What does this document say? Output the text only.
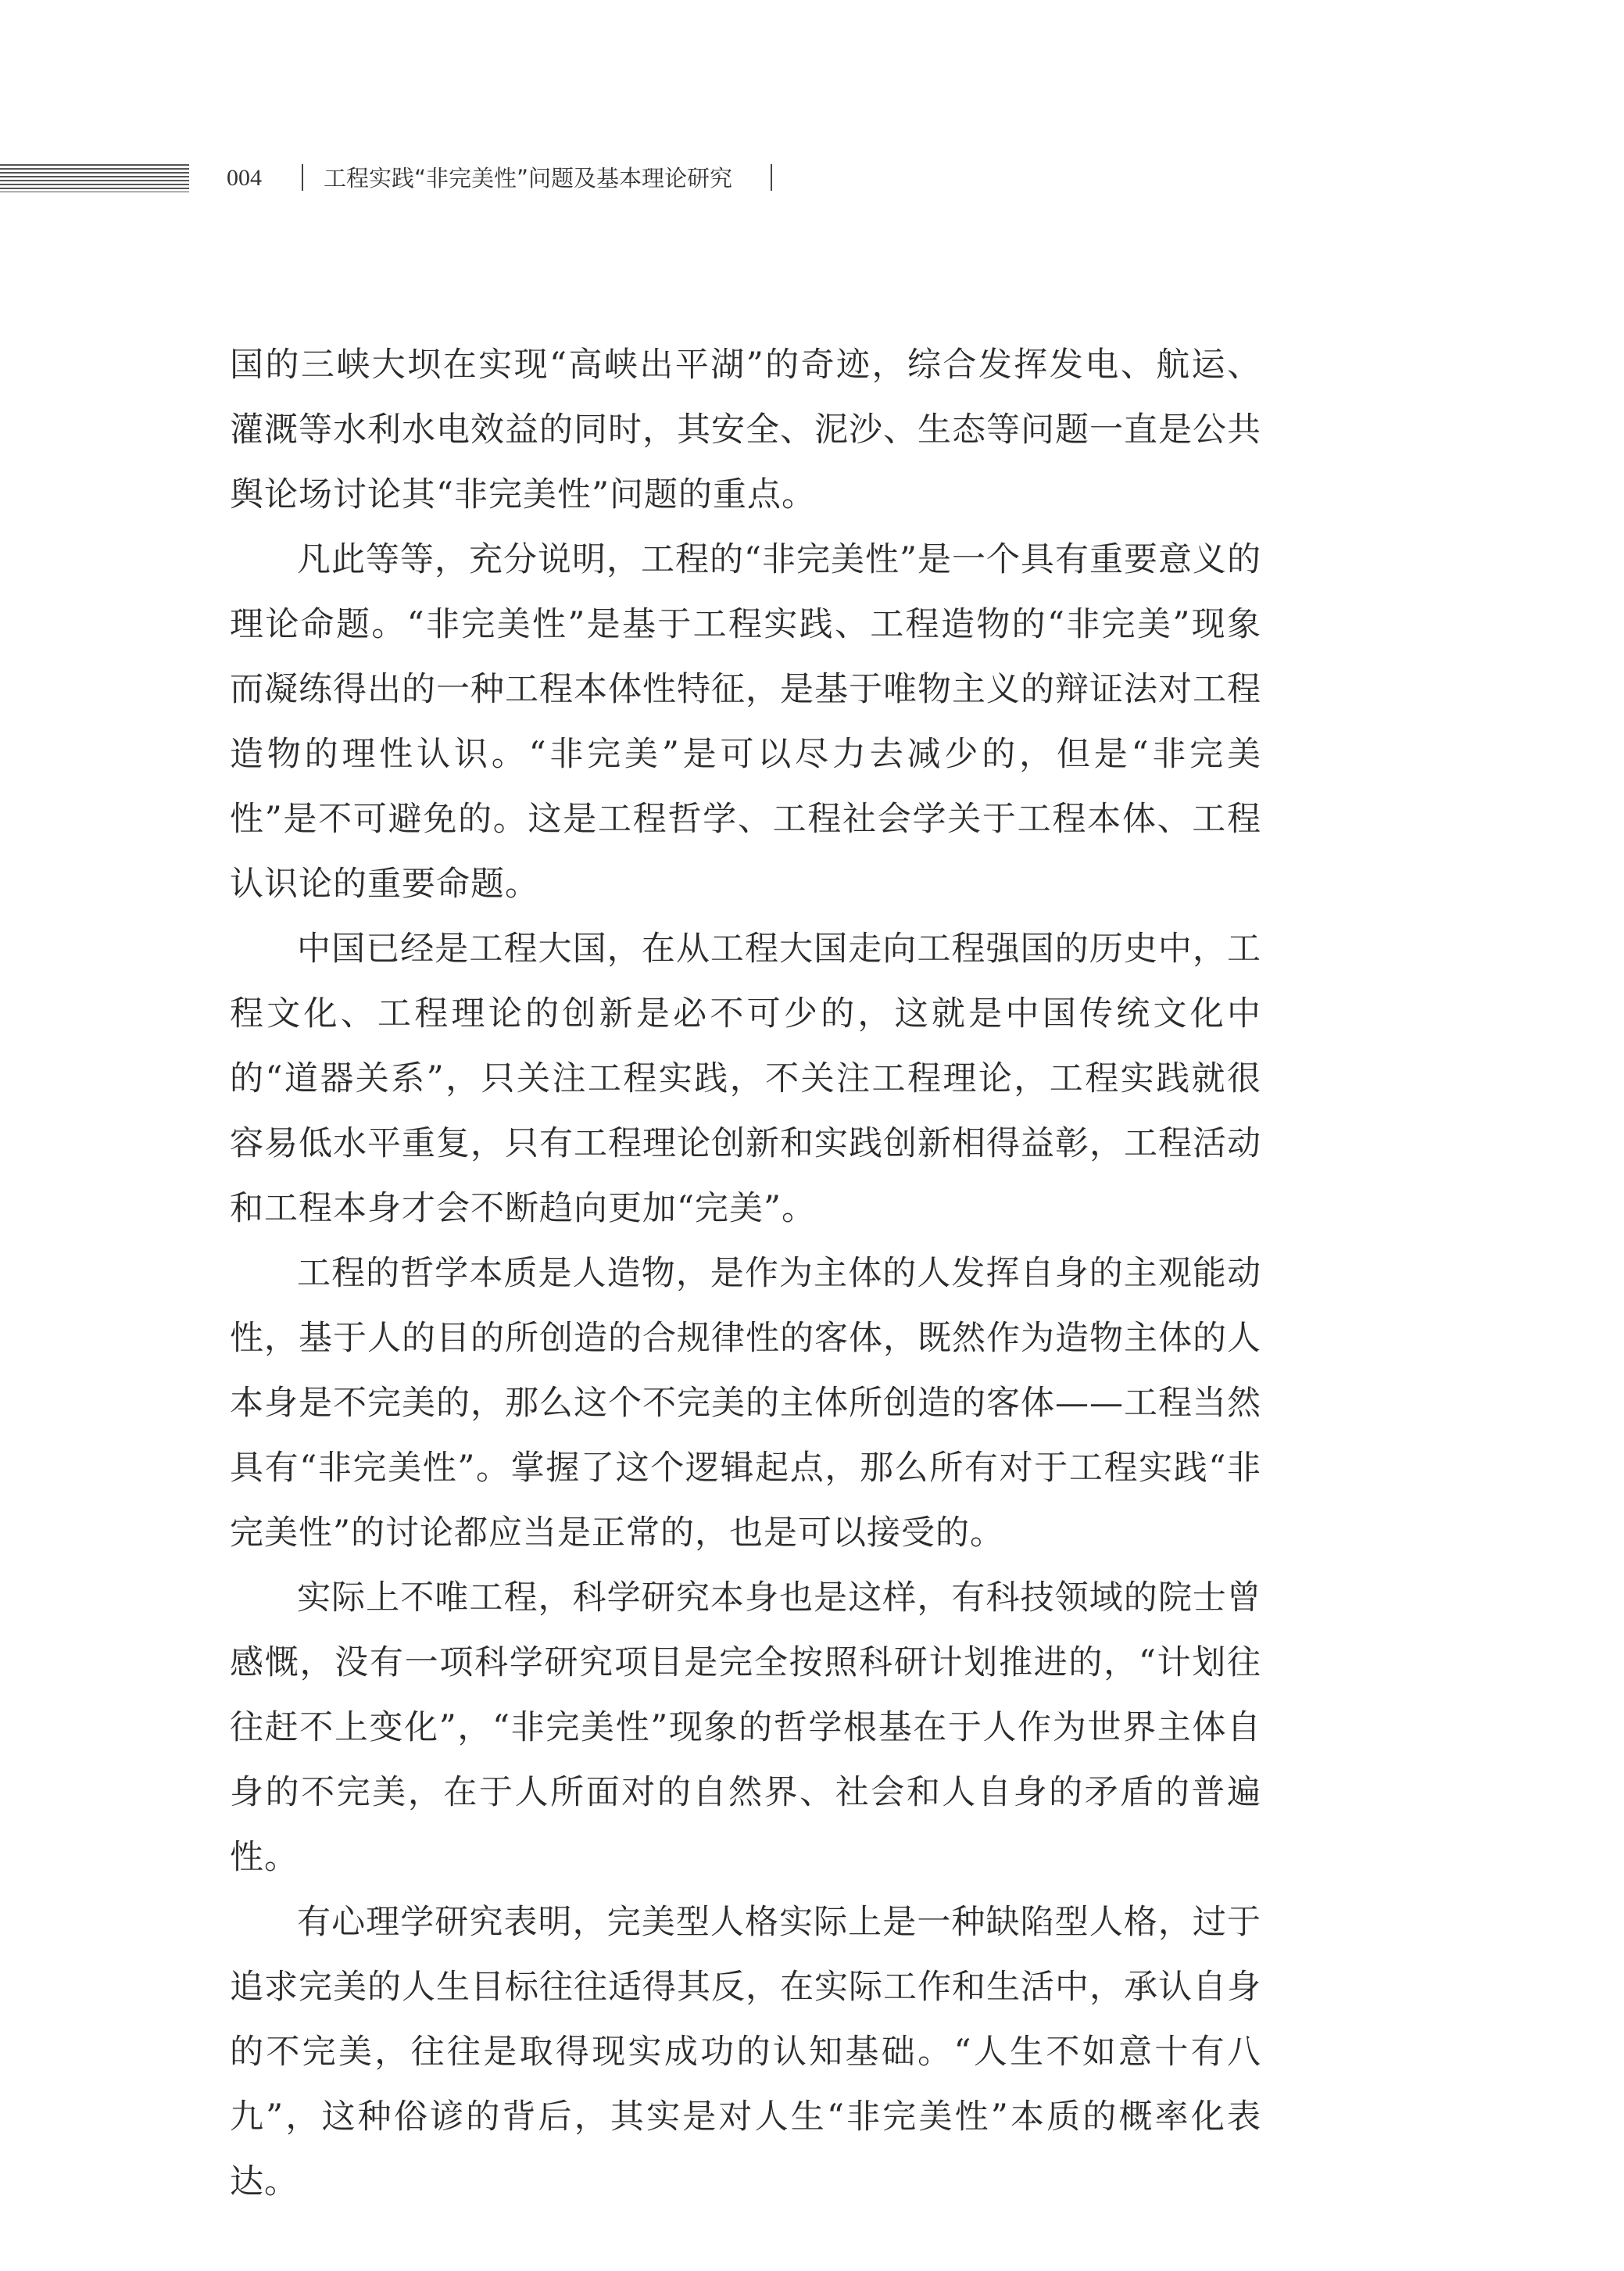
004	工程实践“非完美性”问题及基本理论研究

国的三峡大坝在实现“高峡出平湖”的奇迹，综合发挥发电、航运、灌溉等水利水电效益的同时，其安全、泥沙、生态等问题一直是公共舆论场讨论其“非完美性”问题的重点。

凡此等等，充分说明，工程的“非完美性”是一个具有重要意义的理论命题。“非完美性”是基于工程实践、工程造物的“非完美”现象而凝练得出的一种工程本体性特征，是基于唯物主义的辩证法对工程造物的理性认识。“非完美”是可以尽力去减少的，但是“非完美性”是不可避免的。这是工程哲学、工程社会学关于工程本体、工程认识论的重要命题。

中国已经是工程大国，在从工程大国走向工程强国的历史中，工程文化、工程理论的创新是必不可少的，这就是中国传统文化中的“道器关系”，只关注工程实践，不关注工程理论，工程实践就很容易低水平重复，只有工程理论创新和实践创新相得益彰，工程活动和工程本身才会不断趋向更加“完美”。

工程的哲学本质是人造物，是作为主体的人发挥自身的主观能动性，基于人的目的所创造的合规律性的客体，既然作为造物主体的人本身是不完美的，那么这个不完美的主体所创造的客体——工程当然具有“非完美性”。掌握了这个逻辑起点，那么所有对于工程实践“非完美性”的讨论都应当是正常的，也是可以接受的。

实际上不唯工程，科学研究本身也是这样，有科技领域的院士曾感慨，没有一项科学研究项目是完全按照科研计划推进的，“计划往往赶不上变化”，“非完美性”现象的哲学根基在于人作为世界主体自身的不完美，在于人所面对的自然界、社会和人自身的矛盾的普遍性。

有心理学研究表明，完美型人格实际上是一种缺陷型人格，过于追求完美的人生目标往往适得其反，在实际工作和生活中，承认自身的不完美，往往是取得现实成功的认知基础。“人生不如意十有八九”，这种俗谚的背后，其实是对人生“非完美性”本质的概率化表达。
